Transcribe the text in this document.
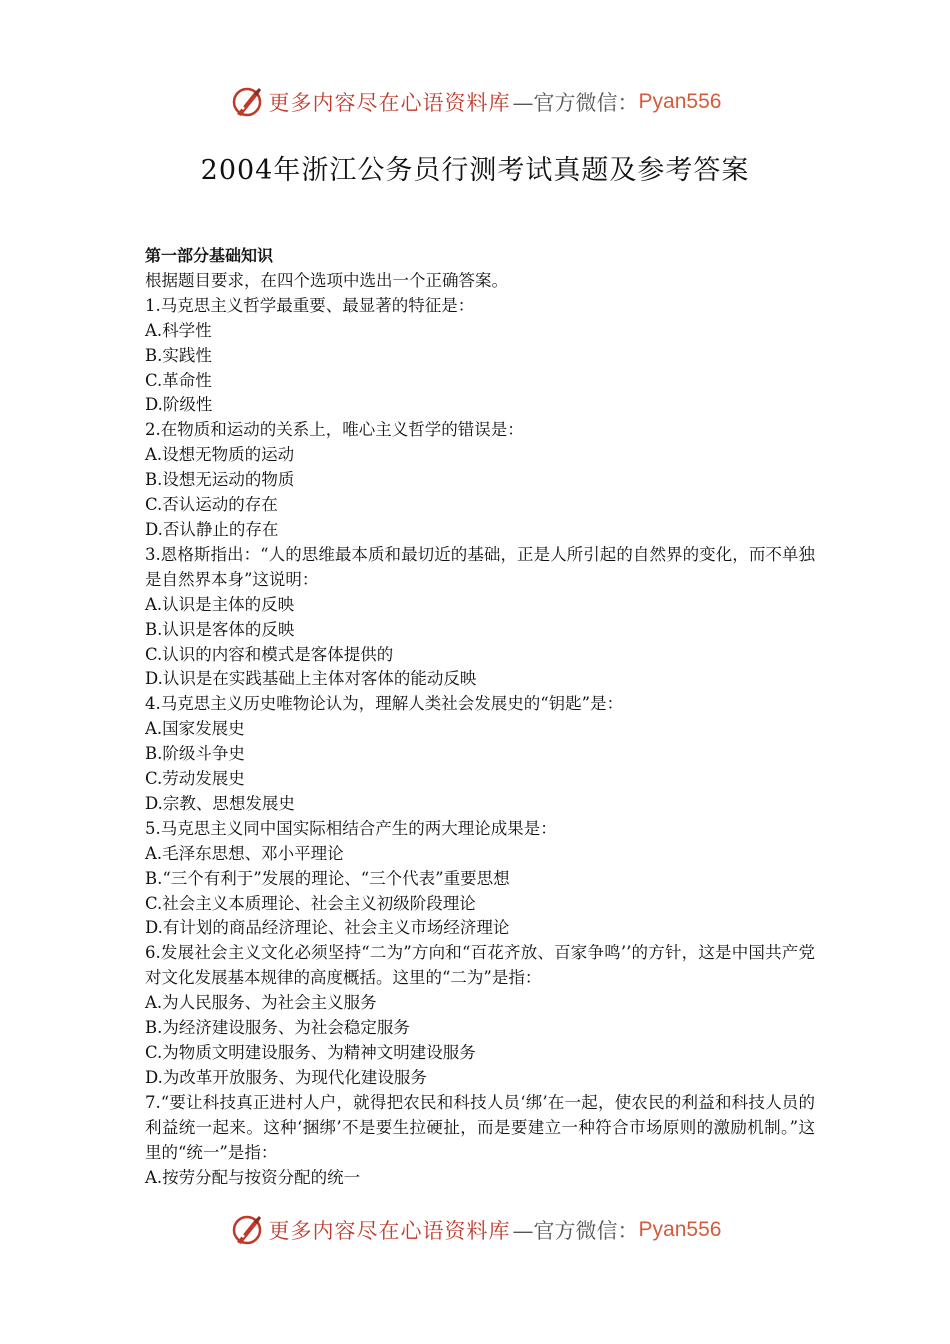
更多内容尽在心语资料库 —官方微信： Pyan556
2004年浙江公务员行测考试真题及参考答案
第一部分基础知识
根据题目要求，在四个选项中选出一个正确答案。
1.马克思主义哲学最重要、最显著的特征是：
A.科学性
B.实践性
C.革命性
D.阶级性
2.在物质和运动的关系上，唯心主义哲学的错误是：
A.设想无物质的运动
B.设想无运动的物质
C.否认运动的存在
D.否认静止的存在
3.恩格斯指出：“人的思维最本质和最切近的基础，正是人所引起的自然界的变化，而不单独是自然界本身”这说明：
A.认识是主体的反映
B.认识是客体的反映
C.认识的内容和模式是客体提供的
D.认识是在实践基础上主体对客体的能动反映
4.马克思主义历史唯物论认为，理解人类社会发展史的“钥匙”是：
A.国家发展史
B.阶级斗争史
C.劳动发展史
D.宗教、思想发展史
5.马克思主义同中国实际相结合产生的两大理论成果是：
A.毛泽东思想、邓小平理论
B.“三个有利于”发展的理论、“三个代表”重要思想
C.社会主义本质理论、社会主义初级阶段理论
D.有计划的商品经济理论、社会主义市场经济理论
6.发展社会主义文化必须坚持“二为”方向和“百花齐放、百家争鸣’’的方针，这是中国共产党对文化发展基本规律的高度概括。这里的“二为”是指：
A.为人民服务、为社会主义服务
B.为经济建设服务、为社会稳定服务
C.为物质文明建设服务、为精神文明建设服务
D.为改革开放服务、为现代化建设服务
7.“要让科技真正进村人户，就得把农民和科技人员‘绑’在一起，使农民的利益和科技人员的利益统一起来。这种‘捆绑’不是要生拉硬扯，而是要建立一种符合市场原则的激励机制。”这里的“统一”是指：
A.按劳分配与按资分配的统一
更多内容尽在心语资料库 —官方微信： Pyan556
